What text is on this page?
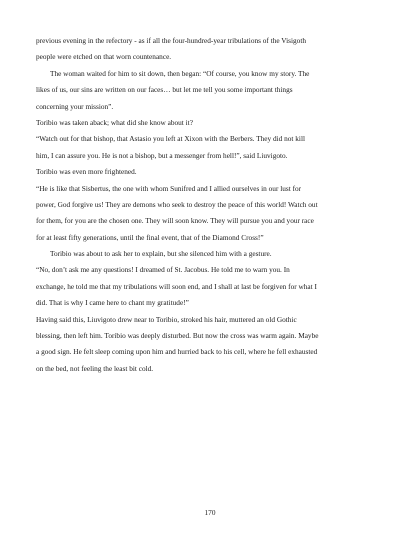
previous evening in the refectory - as if all the four-hundred-year tribulations of the Visigoth
people were etched on that worn countenance.

The woman waited for him to sit down, then began: “Of course, you know my story. The
likes of us, our sins are written on our faces… but let me tell you some important things
concerning your mission”.

Toribio was taken aback; what did she know about it?

“Watch out for that bishop, that Astasio you left at Xixon with the Berbers. They did not kill
him, I can assure you. He is not a bishop, but a messenger from hell!”, said Liuvigoto.

Toribio was even more frightened.

“He is like that Sisbertus, the one with whom Sunifred and I allied ourselves in our lust for
power, God forgive us! They are demons who seek to destroy the peace of this world! Watch out
for them, for you are the chosen one. They will soon know. They will pursue you and your race
for at least fifty generations, until the final event, that of the Diamond Cross!”

Toribio was about to ask her to explain, but she silenced him with a gesture.

“No, don’t ask me any questions! I dreamed of St. Jacobus. He told me to warn you. In
exchange, he told me that my tribulations will soon end, and I shall at last be forgiven for what I
did. That is why I came here to chant my gratitude!”

Having said this, Liuvigoto drew near to Toribio, stroked his hair, muttered an old Gothic
blessing, then left him. Toribio was deeply disturbed. But now the cross was warm again. Maybe
a good sign. He felt sleep coming upon him and hurried back to his cell, where he fell exhausted
on the bed, not feeling the least bit cold.

170
